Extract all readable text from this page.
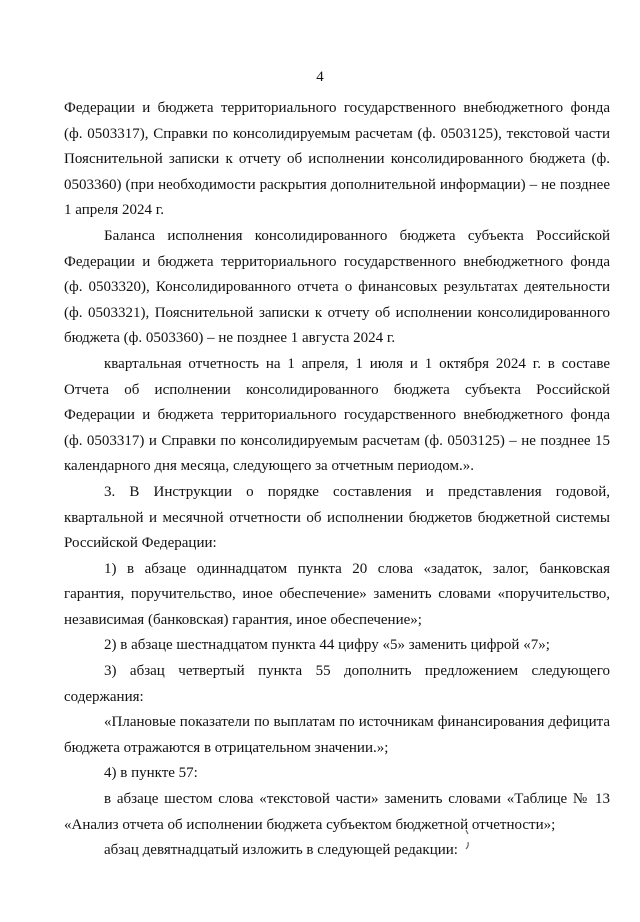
4

Федерации и бюджета территориального государственного внебюджетного фонда (ф. 0503317), Справки по консолидируемым расчетам (ф. 0503125), текстовой части Пояснительной записки к отчету об исполнении консолидированного бюджета (ф. 0503360) (при необходимости раскрытия дополнительной информации) – не позднее 1 апреля 2024 г.

Баланса исполнения консолидированного бюджета субъекта Российской Федерации и бюджета территориального государственного внебюджетного фонда (ф. 0503320), Консолидированного отчета о финансовых результатах деятельности (ф. 0503321), Пояснительной записки к отчету об исполнении консолидированного бюджета (ф. 0503360) – не позднее 1 августа 2024 г.

квартальная отчетность на 1 апреля, 1 июля и 1 октября 2024 г. в составе Отчета об исполнении консолидированного бюджета субъекта Российской Федерации и бюджета территориального государственного внебюджетного фонда (ф. 0503317) и Справки по консолидируемым расчетам (ф. 0503125) – не позднее 15 календарного дня месяца, следующего за отчетным периодом.».

3. В Инструкции о порядке составления и представления годовой, квартальной и месячной отчетности об исполнении бюджетов бюджетной системы Российской Федерации:

1) в абзаце одиннадцатом пункта 20 слова «задаток, залог, банковская гарантия, поручительство, иное обеспечение» заменить словами «поручительство, независимая (банковская) гарантия, иное обеспечение»;

2) в абзаце шестнадцатом пункта 44 цифру «5» заменить цифрой «7»;

3) абзац четвертый пункта 55 дополнить предложением следующего содержания:

«Плановые показатели по выплатам по источникам финансирования дефицита бюджета отражаются в отрицательном значении.»;

4) в пункте 57:

в абзаце шестом слова «текстовой части» заменить словами «Таблице № 13 «Анализ отчета об исполнении бюджета субъектом бюджетной отчетности»;

абзац девятнадцатый изложить в следующей редакции:
